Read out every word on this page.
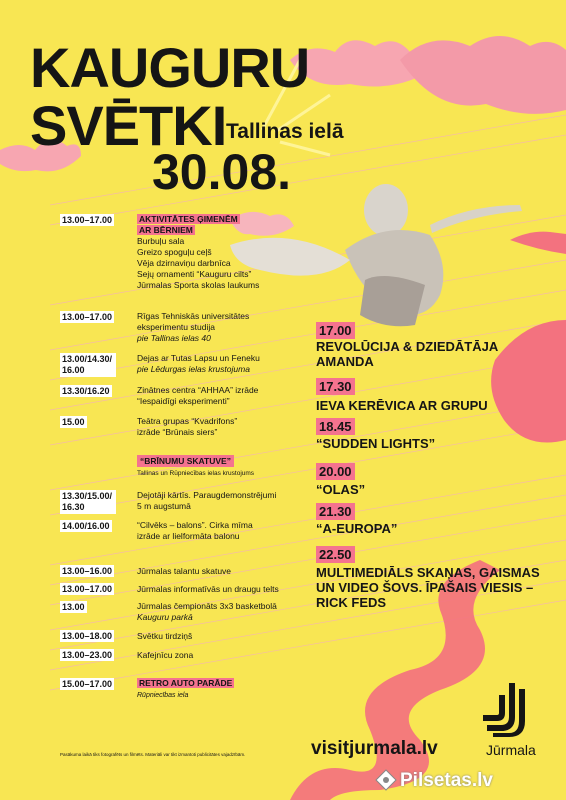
KAUGURU
SVĒTKI Tallinas ielā
30.08.
13.00–17.00	AKTIVITĀTES ĢIMENĒM
AR BĒRNIEM
Burbuļu sala
Greizo spoguļu ceļš
Vēja dzirnaviņu darbnīca
Sejų ornamenti “Kauguru cilts”
Jūrmalas Sporta skolas laukums
13.00–17.00	Rīgas Tehniskās universitātes
eksperimentu studija
pie Tallinas ielas 40
13.00/14.30/ 16.00
Dejas ar Tutas Lapsu un Feneku
pie Lēdurgas ielas krustojuma
13.30/16.20	Zinātnes centra “AHHAA” izrāde
“Iespaidīgi eksperimenti”
15.00	Teātra grupas “Kvadrifons”
izrāde “Brūnais siers”
“BRĪNUMU SKATUVE”
Tallinas un Rūpniecības ielas krustojums
13.30/15.00/ 16.30
Dejotāji kārtīs. Paraugdemonstrējumi
5 m augstumā
14.00/16.00	“Cilvēks – balons”. Cirka mīma
izrāde ar lielformāta balonu
13.00–16.00	Jūrmalas talantu skatuve
13.00–17.00	Jūrmalas informatīvās un draugu telts
13.00	Jūrmalas čempionāts 3x3 basketbolā
Kauguru parkā
13.00–18.00	Svētku tirdziņš
13.00–23.00	Kafejnīcu zona
15.00–17.00	RETRO AUTO PARĀDE
Rūpniecības iela
17.00
REVOLŪCIJA & DZIEDĀTĀJA AMANDA
17.30
IEVA KERĒVICA AR GRUPU
18.45
“SUDDEN LIGHTS”
20.00
“OLAS”
21.30
“A-EUROPA”
22.50
MULTIMEDIĀLS SKAŅAS, GAISMAS UN VIDEO ŠOVS. ĪPAŠAIS VIESIS – RICK FEDS
Pasākuma laikā tiks fotografēts un filmēts. Materiāli var tikt izmantoti publicitātes vajadzībām.	visitjurmala.lv	Jūrmala
Pilsetas.lv
